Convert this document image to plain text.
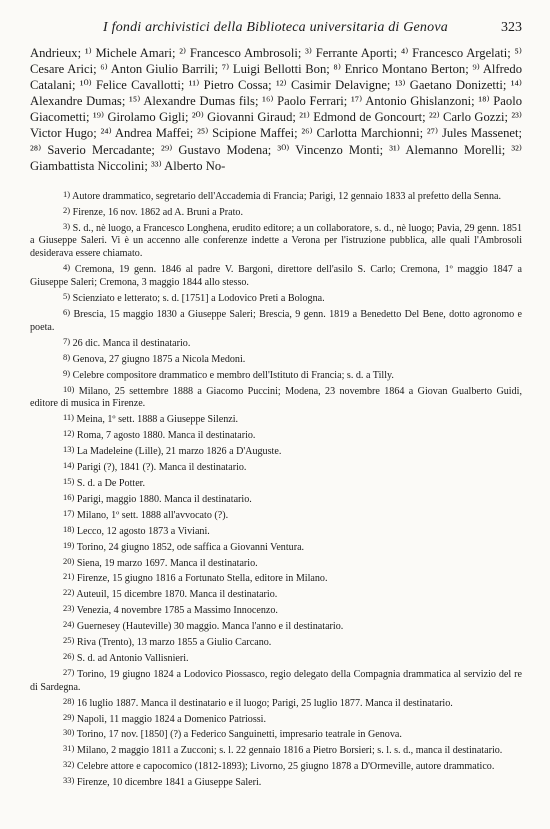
I fondi archivistici della Biblioteca universitaria di Genova	323

Andrieux; ¹⁾ Michele Amari; ²⁾ Francesco Ambrosoli; ³⁾ Ferrante Aporti; ⁴⁾ Francesco Argelati; ⁵⁾ Cesare Arici; ⁶⁾ Anton Giulio Barrili; ⁷⁾ Luigi Bellotti Bon; ⁸⁾ Enrico Montano Berton; ⁹⁾ Alfredo Catalani; ¹⁰⁾ Felice Cavallotti; ¹¹⁾ Pietro Cossa; ¹²⁾ Casimir Delavigne; ¹³⁾ Gaetano Donizetti; ¹⁴⁾ Alexandre Dumas; ¹⁵⁾ Alexandre Dumas fils; ¹⁶⁾ Paolo Ferrari; ¹⁷⁾ Antonio Ghislanzoni; ¹⁸⁾ Paolo Giacometti; ¹⁹⁾ Girolamo Gigli; ²⁰⁾ Giovanni Giraud; ²¹⁾ Edmond de Goncourt; ²²⁾ Carlo Gozzi; ²³⁾ Victor Hugo; ²⁴⁾ Andrea Maffei; ²⁵⁾ Scipione Maffei; ²⁶⁾ Carlotta Marchionni; ²⁷⁾ Jules Massenet; ²⁸⁾ Saverio Mercadante; ²⁹⁾ Gustavo Modena; ³⁰⁾ Vincenzo Monti; ³¹⁾ Alemanno Morelli; ³²⁾ Giambattista Niccolini; ³³⁾ Alberto No-

1) Autore drammatico, segretario dell'Accademia di Francia; Parigi, 12 gennaio 1833 al prefetto della Senna.
2) Firenze, 16 nov. 1862 ad A. Bruni a Prato.
3) S. d., nè luogo, a Francesco Longhena, erudito editore; a un collaboratore, s. d., nè luogo; Pavia, 29 genn. 1851 a Giuseppe Saleri. Vi è un accenno alle conferenze indette a Verona per l'istruzione pubblica, alle quali l'Ambrosoli desiderava essere chiamato.
4) Cremona, 19 genn. 1846 al padre V. Bargoni, direttore dell'asilo S. Carlo; Cremona, 1º maggio 1847 a Giuseppe Saleri; Cremona, 3 maggio 1844 allo stesso.
5) Scienziato e letterato; s. d. [1751] a Lodovico Preti a Bologna.
6) Brescia, 15 maggio 1830 a Giuseppe Saleri; Brescia, 9 genn. 1819 a Benedetto Del Bene, dotto agronomo e poeta.
7) 26 dic. Manca il destinatario.
8) Genova, 27 giugno 1875 a Nicola Medoni.
9) Celebre compositore drammatico e membro dell'Istituto di Francia; s. d. a Tilly.
10) Milano, 25 settembre 1888 a Giacomo Puccini; Modena, 23 novembre 1864 a Giovan Gualberto Guidi, editore di musica in Firenze.
11) Meina, 1º sett. 1888 a Giuseppe Silenzi.
12) Roma, 7 agosto 1880. Manca il destinatario.
13) La Madeleine (Lille), 21 marzo 1826 a D'Auguste.
14) Parigi (?), 1841 (?). Manca il destinatario.
15) S. d. a De Potter.
16) Parigi, maggio 1880. Manca il destinatario.
17) Milano, 1º sett. 1888 all'avvocato (?).
18) Lecco, 12 agosto 1873 a Viviani.
19) Torino, 24 giugno 1852, ode saffica a Giovanni Ventura.
20) Siena, 19 marzo 1697. Manca il destinatario.
21) Firenze, 15 giugno 1816 a Fortunato Stella, editore in Milano.
22) Auteuil, 15 dicembre 1870. Manca il destinatario.
23) Venezia, 4 novembre 1785 a Massimo Innocenzo.
24) Guernesey (Hauteville) 30 maggio. Manca l'anno e il destinatario.
25) Riva (Trento), 13 marzo 1855 a Giulio Carcano.
26) S. d. ad Antonio Vallisnieri.
27) Torino, 19 giugno 1824 a Lodovico Piossasco, regio delegato della Compagnia drammatica al servizio del re di Sardegna.
28) 16 luglio 1887. Manca il destinatario e il luogo; Parigi, 25 luglio 1877. Manca il destinatario.
29) Napoli, 11 maggio 1824 a Domenico Patriossi.
30) Torino, 17 nov. [1850] (?) a Federico Sanguinetti, impresario teatrale in Genova.
31) Milano, 2 maggio 1811 a Zucconi; s. l. 22 gennaio 1816 a Pietro Borsieri; s. l. s. d., manca il destinatario.
32) Celebre attore e capocomico (1812-1893); Livorno, 25 giugno 1878 a D'Ormeville, autore drammatico.
33) Firenze, 10 dicembre 1841 a Giuseppe Saleri.
